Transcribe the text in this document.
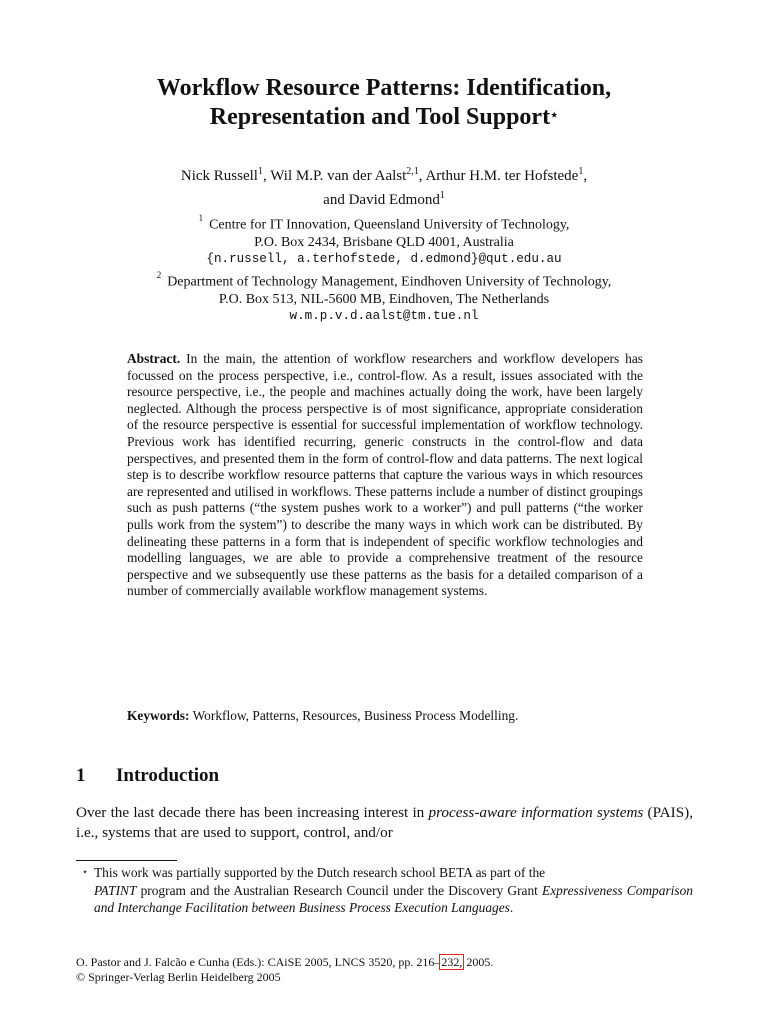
Workflow Resource Patterns: Identification,
Representation and Tool Support⋆
Nick Russell$^1$, Wil M.P. van der Aalst$^{2,1}$, Arthur H.M. ter Hofstede$^1$,
and David Edmond$^1$
$^1$ Centre for IT Innovation, Queensland University of Technology,
P.O. Box 2434, Brisbane QLD 4001, Australia
{n.russell, a.terhofstede, d.edmond}@qut.edu.au
$^2$ Department of Technology Management, Eindhoven University of Technology,
P.O. Box 513, NIL-5600 MB, Eindhoven, The Netherlands
w.m.p.v.d.aalst@tm.tue.nl
Abstract. In the main, the attention of workflow researchers and workflow developers has focussed on the process perspective, i.e., control-flow. As a result, issues associated with the resource perspective, i.e., the people and machines actually doing the work, have been largely neglected. Although the process perspective is of most significance, appropriate consideration of the resource perspective is essential for successful implementation of workflow technology. Previous work has identified recurring, generic constructs in the control-flow and data perspectives, and presented them in the form of control-flow and data patterns. The next logical step is to describe workflow resource patterns that capture the various ways in which resources are represented and utilised in workflows. These patterns include a number of distinct groupings such as push patterns (“the system pushes work to a worker”) and pull patterns (“the worker pulls work from the system”) to describe the many ways in which work can be distributed. By delineating these patterns in a form that is independent of specific workflow technologies and modelling languages, we are able to provide a comprehensive treatment of the resource perspective and we subsequently use these patterns as the basis for a detailed comparison of a number of commercially available workflow management systems.
Keywords: Workflow, Patterns, Resources, Business Process Modelling.
1 Introduction
Over the last decade there has been increasing interest in process-aware information systems (PAIS), i.e., systems that are used to support, control, and/or
⋆ This work was partially supported by the Dutch research school BETA as part of the
PATINT program and the Australian Research Council under the Discovery Grant Expressiveness Comparison and Interchange Facilitation between Business Process Execution Languages.
O. Pastor and J. Falcão e Cunha (Eds.): CAiSE 2005, LNCS 3520, pp. 216–232, 2005.
© Springer-Verlag Berlin Heidelberg 2005
